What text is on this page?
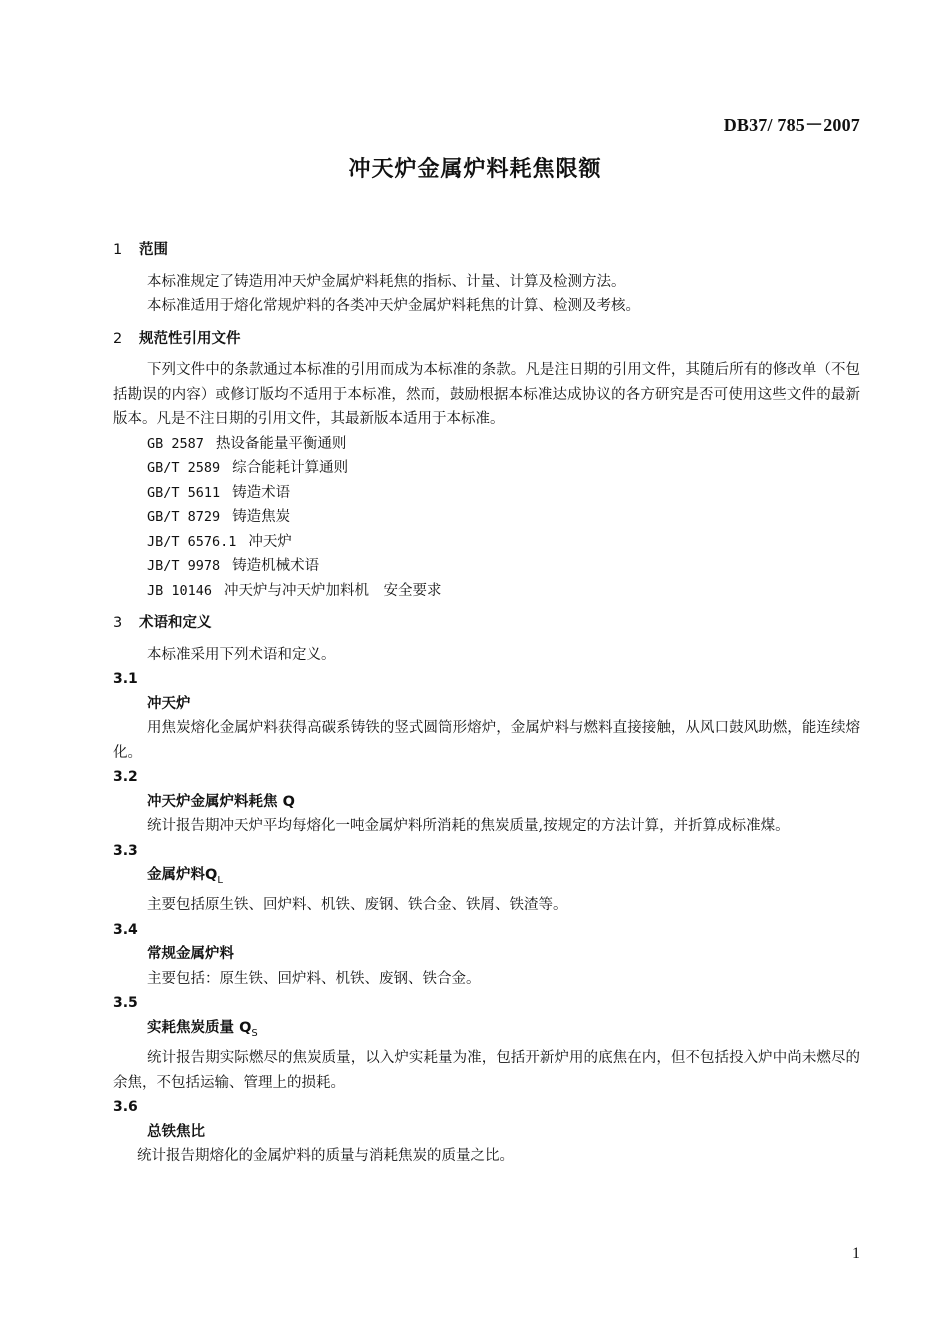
DB37/ 785－2007
冲天炉金属炉料耗焦限额
1 范围

本标准规定了铸造用冲天炉金属炉料耗焦的指标、计量、计算及检测方法。

本标准适用于熔化常规炉料的各类冲天炉金属炉料耗焦的计算、检测及考核。

2 规范性引用文件

下列文件中的条款通过本标准的引用而成为本标准的条款。凡是注日期的引用文件，其随后所有的修改单（不包括勘误的内容）或修订版均不适用于本标准，然而，鼓励根据本标准达成协议的各方研究是否可使用这些文件的最新版本。凡是不注日期的引用文件，其最新版本适用于本标准。

GB 2587 热设备能量平衡通则

GB/T 2589 综合能耗计算通则

GB/T 5611 铸造术语

GB/T 8729 铸造焦炭

JB/T 6576.1 冲天炉

JB/T 9978 铸造机械术语

JB 10146 冲天炉与冲天炉加料机　安全要求

3 术语和定义

本标准采用下列术语和定义。

3.1

冲天炉

用焦炭熔化金属炉料获得高碳系铸铁的竖式圆筒形熔炉，金属炉料与燃料直接接触，从风口鼓风助燃，能连续熔化。

3.2

冲天炉金属炉料耗焦 Q

统计报告期冲天炉平均每熔化一吨金属炉料所消耗的焦炭质量,按规定的方法计算，并折算成标准煤。

3.3

金属炉料$Q_L$

主要包括原生铁、回炉料、机铁、废钢、铁合金、铁屑、铁渣等。

3.4

常规金属炉料

主要包括：原生铁、回炉料、机铁、废钢、铁合金。

3.5

实耗焦炭质量 $Q_S$

统计报告期实际燃尽的焦炭质量，以入炉实耗量为准，包括开新炉用的底焦在内，但不包括投入炉中尚未燃尽的余焦，不包括运输、管理上的损耗。

3.6

总铁焦比

统计报告期熔化的金属炉料的质量与消耗焦炭的质量之比。

1
